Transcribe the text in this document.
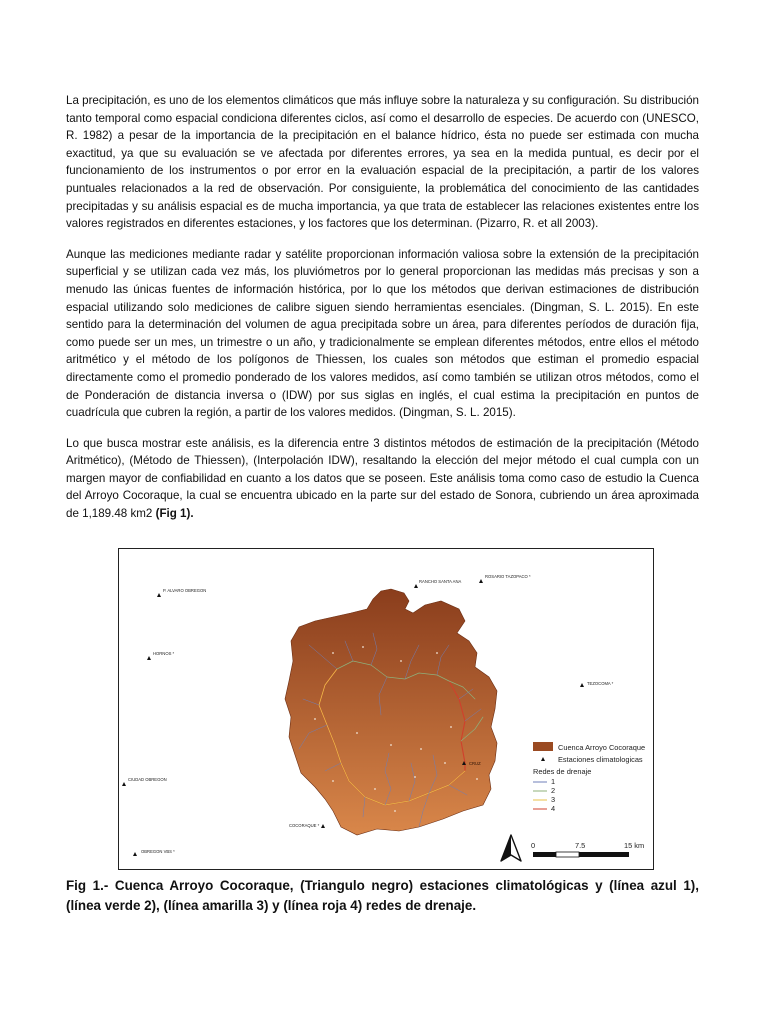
La precipitación, es uno de los elementos climáticos que más influye sobre la naturaleza y su configuración. Su distribución tanto temporal como espacial condiciona diferentes ciclos, así como el desarrollo de especies. De acuerdo con (UNESCO, R. 1982) a pesar de la importancia de la precipitación en el balance hídrico, ésta no puede ser estimada con mucha exactitud, ya que su evaluación se ve afectada por diferentes errores, ya sea en la medida puntual, es decir por el funcionamiento de los instrumentos o por error en la evaluación espacial de la precipitación, a partir de los valores puntuales relacionados a la red de observación. Por consiguiente, la problemática del conocimiento de las cantidades precipitadas y su análisis espacial es de mucha importancia, ya que trata de establecer las relaciones existentes entre los valores registrados en diferentes estaciones, y los factores que los determinan. (Pizarro, R. et all 2003).

Aunque las mediciones mediante radar y satélite proporcionan información valiosa sobre la extensión de la precipitación superficial y se utilizan cada vez más, los pluviómetros por lo general proporcionan las medidas más precisas y son a menudo las únicas fuentes de información histórica, por lo que los métodos que derivan estimaciones de distribución espacial utilizando solo mediciones de calibre siguen siendo herramientas esenciales. (Dingman, S. L. 2015). En este sentido para la determinación del volumen de agua precipitada sobre un área, para diferentes períodos de duración fija, como puede ser un mes, un trimestre o un año, y tradicionalmente se emplean diferentes métodos, entre ellos el método aritmético y el método de los polígonos de Thiessen, los cuales son métodos que estiman el promedio espacial directamente como el promedio ponderado de los valores medidos, así como también se utilizan otros métodos, como el de Ponderación de distancia inversa o (IDW) por sus siglas en inglés, el cual estima la precipitación en puntos de cuadrícula que cubren la región, a partir de los valores medidos. (Dingman, S. L. 2015).

Lo que busca mostrar este análisis, es la diferencia entre 3 distintos métodos de estimación de la precipitación (Método Aritmético), (Método de Thiessen), (Interpolación IDW), resaltando la elección del mejor método el cual cumpla con un margen mayor de confiabilidad en cuanto a los datos que se poseen. Este análisis toma como caso de estudio la Cuenca del Arroyo Cocoraque, la cual se encuentra ubicado en la parte sur del estado de Sonora, cubriendo un área aproximada de 1,189.48 km2 (Fig 1).

P. ALVARO OBREGON
RANCHO SANTA ANA
ROSARIO TAZOPACO *
HORNOS *
TEZOCOMA *
CIUDAD OBREGON
COCORAQUE *
CRUZ
OBREGON VBS *
Cuenca Arroyo Cocoraque
Estaciones climatologicas
Redes de drenaje
1
2
3
4
0	7.5	15 km
Fig 1.- Cuenca Arroyo Cocoraque, (Triangulo negro) estaciones climatológicas y (línea azul 1), (línea verde 2), (línea amarilla 3) y (línea roja 4) redes de drenaje.
